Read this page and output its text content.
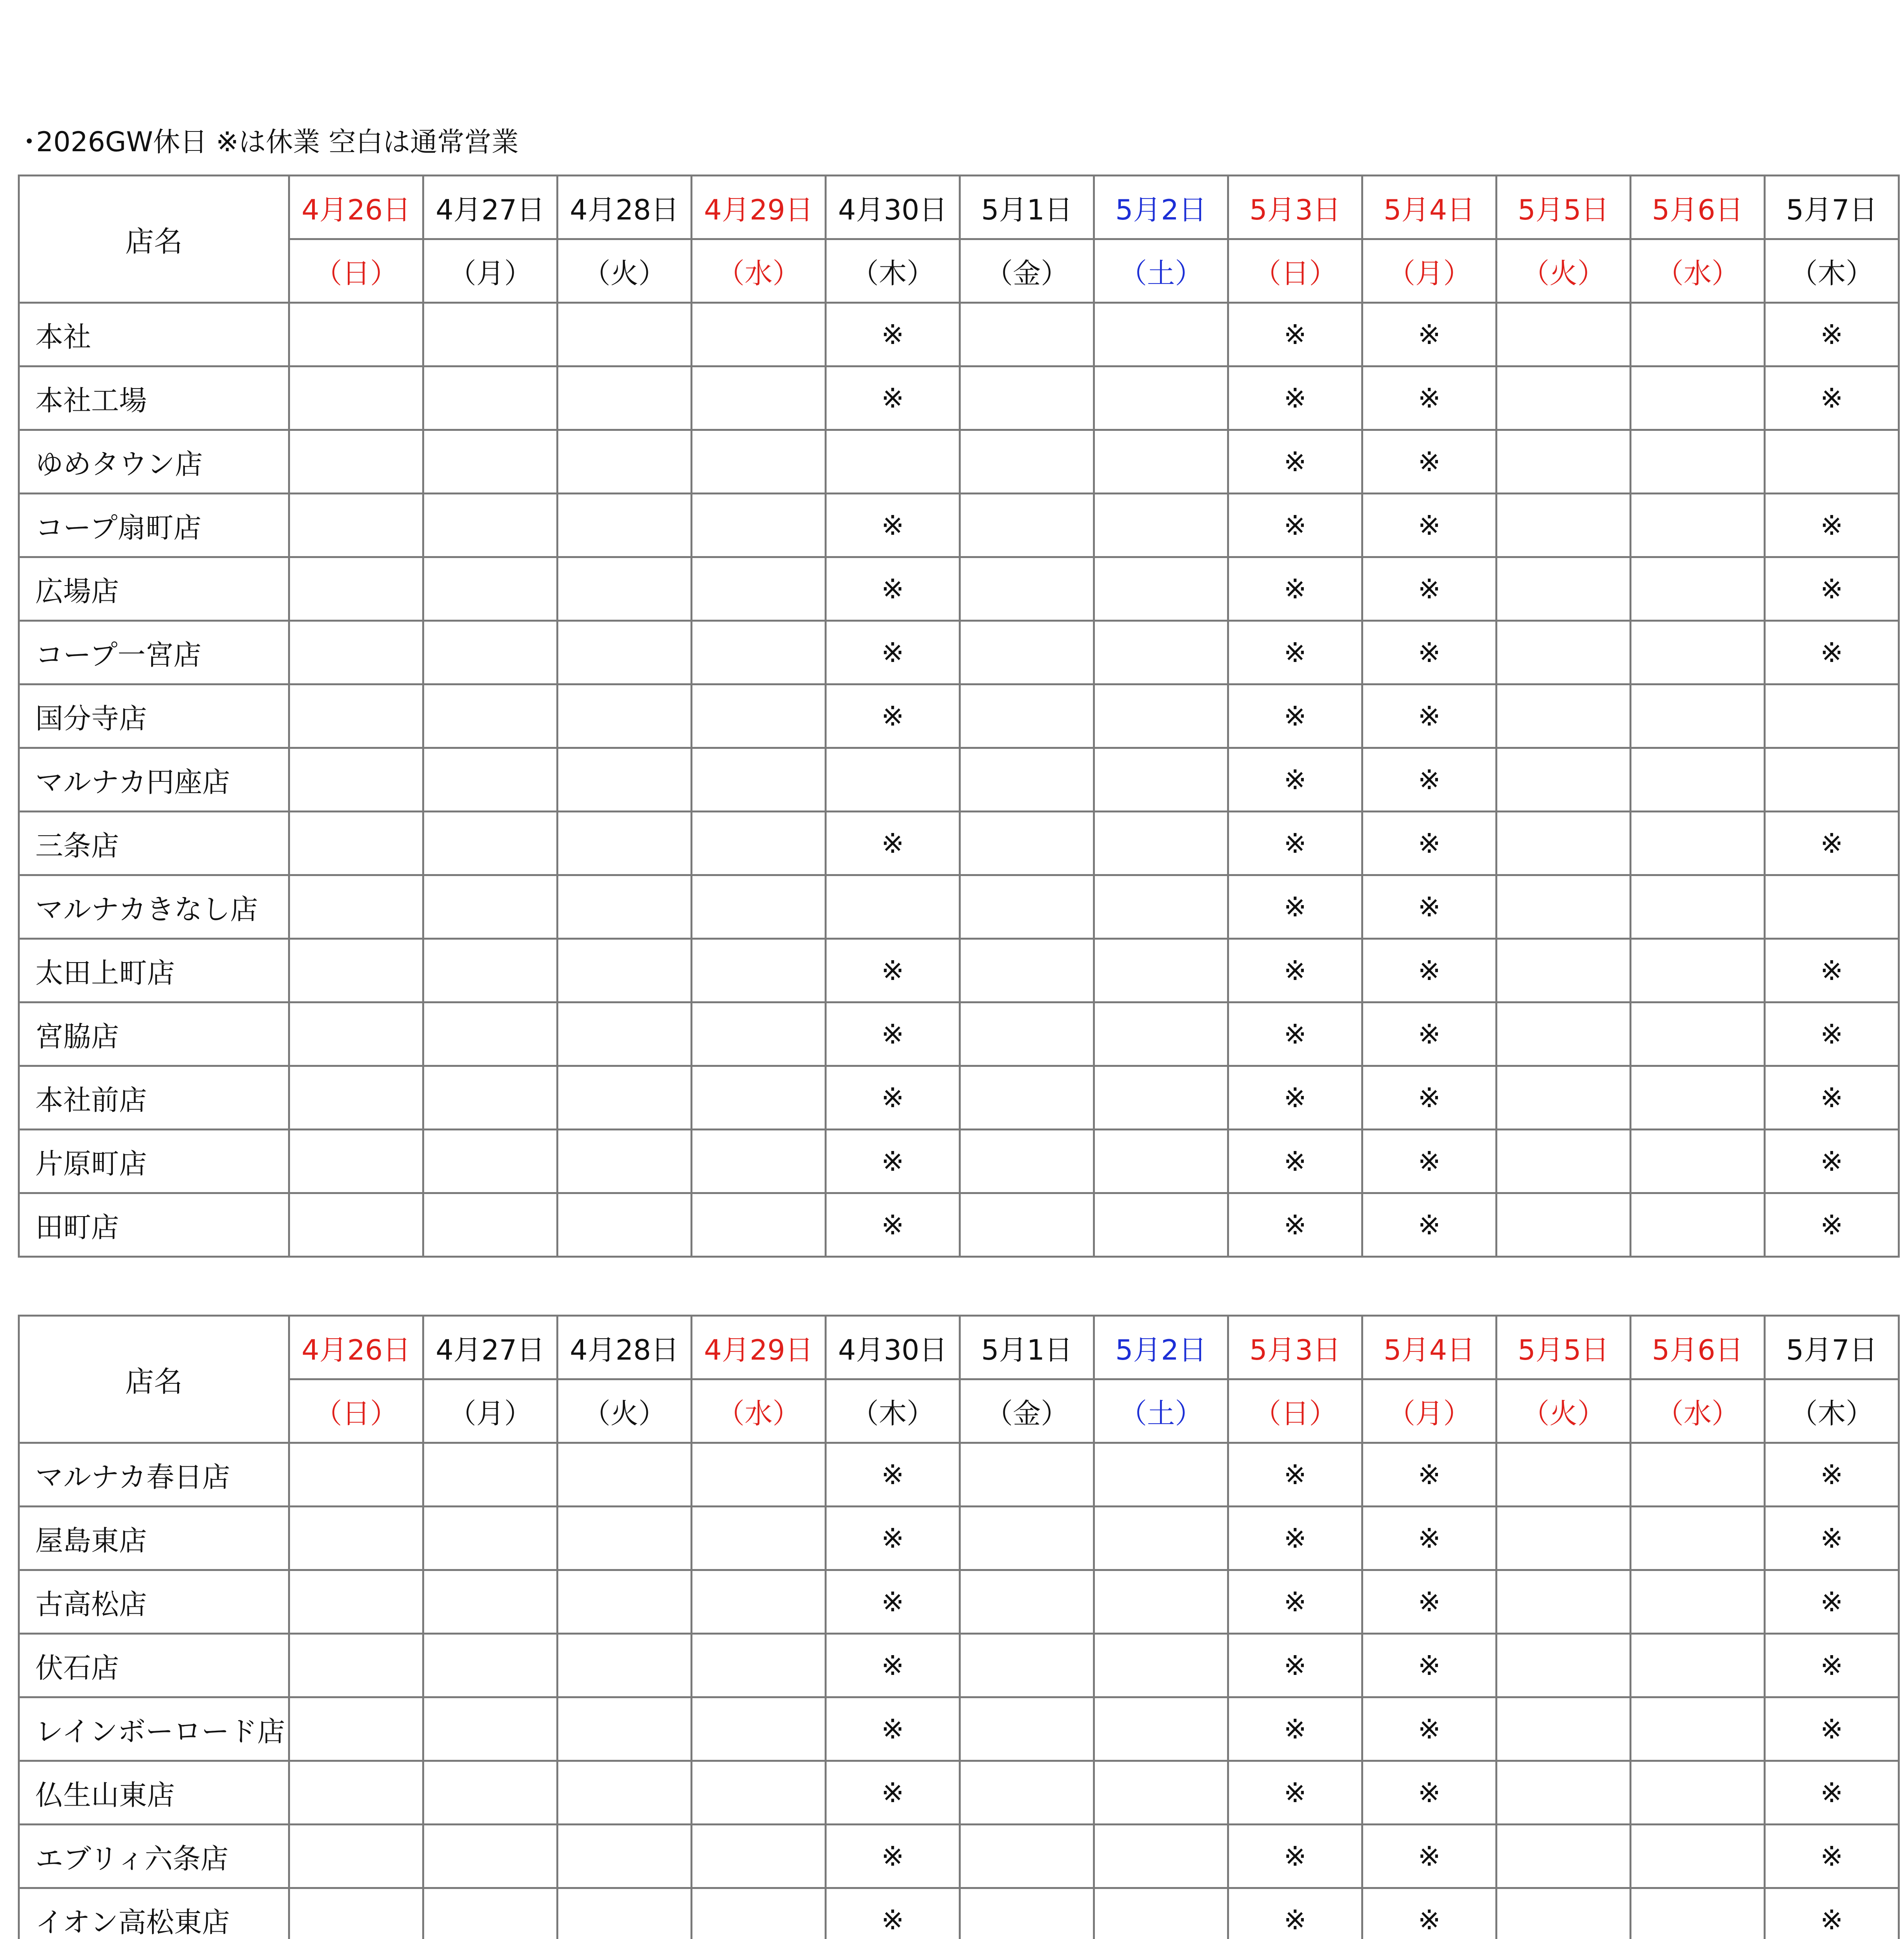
･2026GW休日 ※は休業 空白は通常営業
店名	4月26日	4月27日	4月28日	4月29日	4月30日	5月1日	5月2日	5月3日	5月4日	5月5日	5月6日	5月7日
	（日）	（月）	（火）	（水）	（木）	（金）	（土）	（日）	（月）	（火）	（水）	（木）
本社					※			※	※			※
本社工場					※			※	※			※
ゆめタウン店								※	※			
コープ扇町店					※			※	※			※
広場店					※			※	※			※
コープ一宮店					※			※	※			※
国分寺店					※			※	※			
マルナカ円座店								※	※			
三条店					※			※	※			※
マルナカきなし店								※	※			
太田上町店					※			※	※			※
宮脇店					※			※	※			※
本社前店					※			※	※			※
片原町店					※			※	※			※
田町店					※			※	※			※
店名	4月26日	4月27日	4月28日	4月29日	4月30日	5月1日	5月2日	5月3日	5月4日	5月5日	5月6日	5月7日
	（日）	（月）	（火）	（水）	（木）	（金）	（土）	（日）	（月）	（火）	（水）	（木）
マルナカ春日店					※			※	※			※
屋島東店					※			※	※			※
古高松店					※			※	※			※
伏石店					※			※	※			※
レインボーロード店					※			※	※			※
仏生山東店					※			※	※			※
エブリィ六条店					※			※	※			※
イオン高松東店					※			※	※			※
